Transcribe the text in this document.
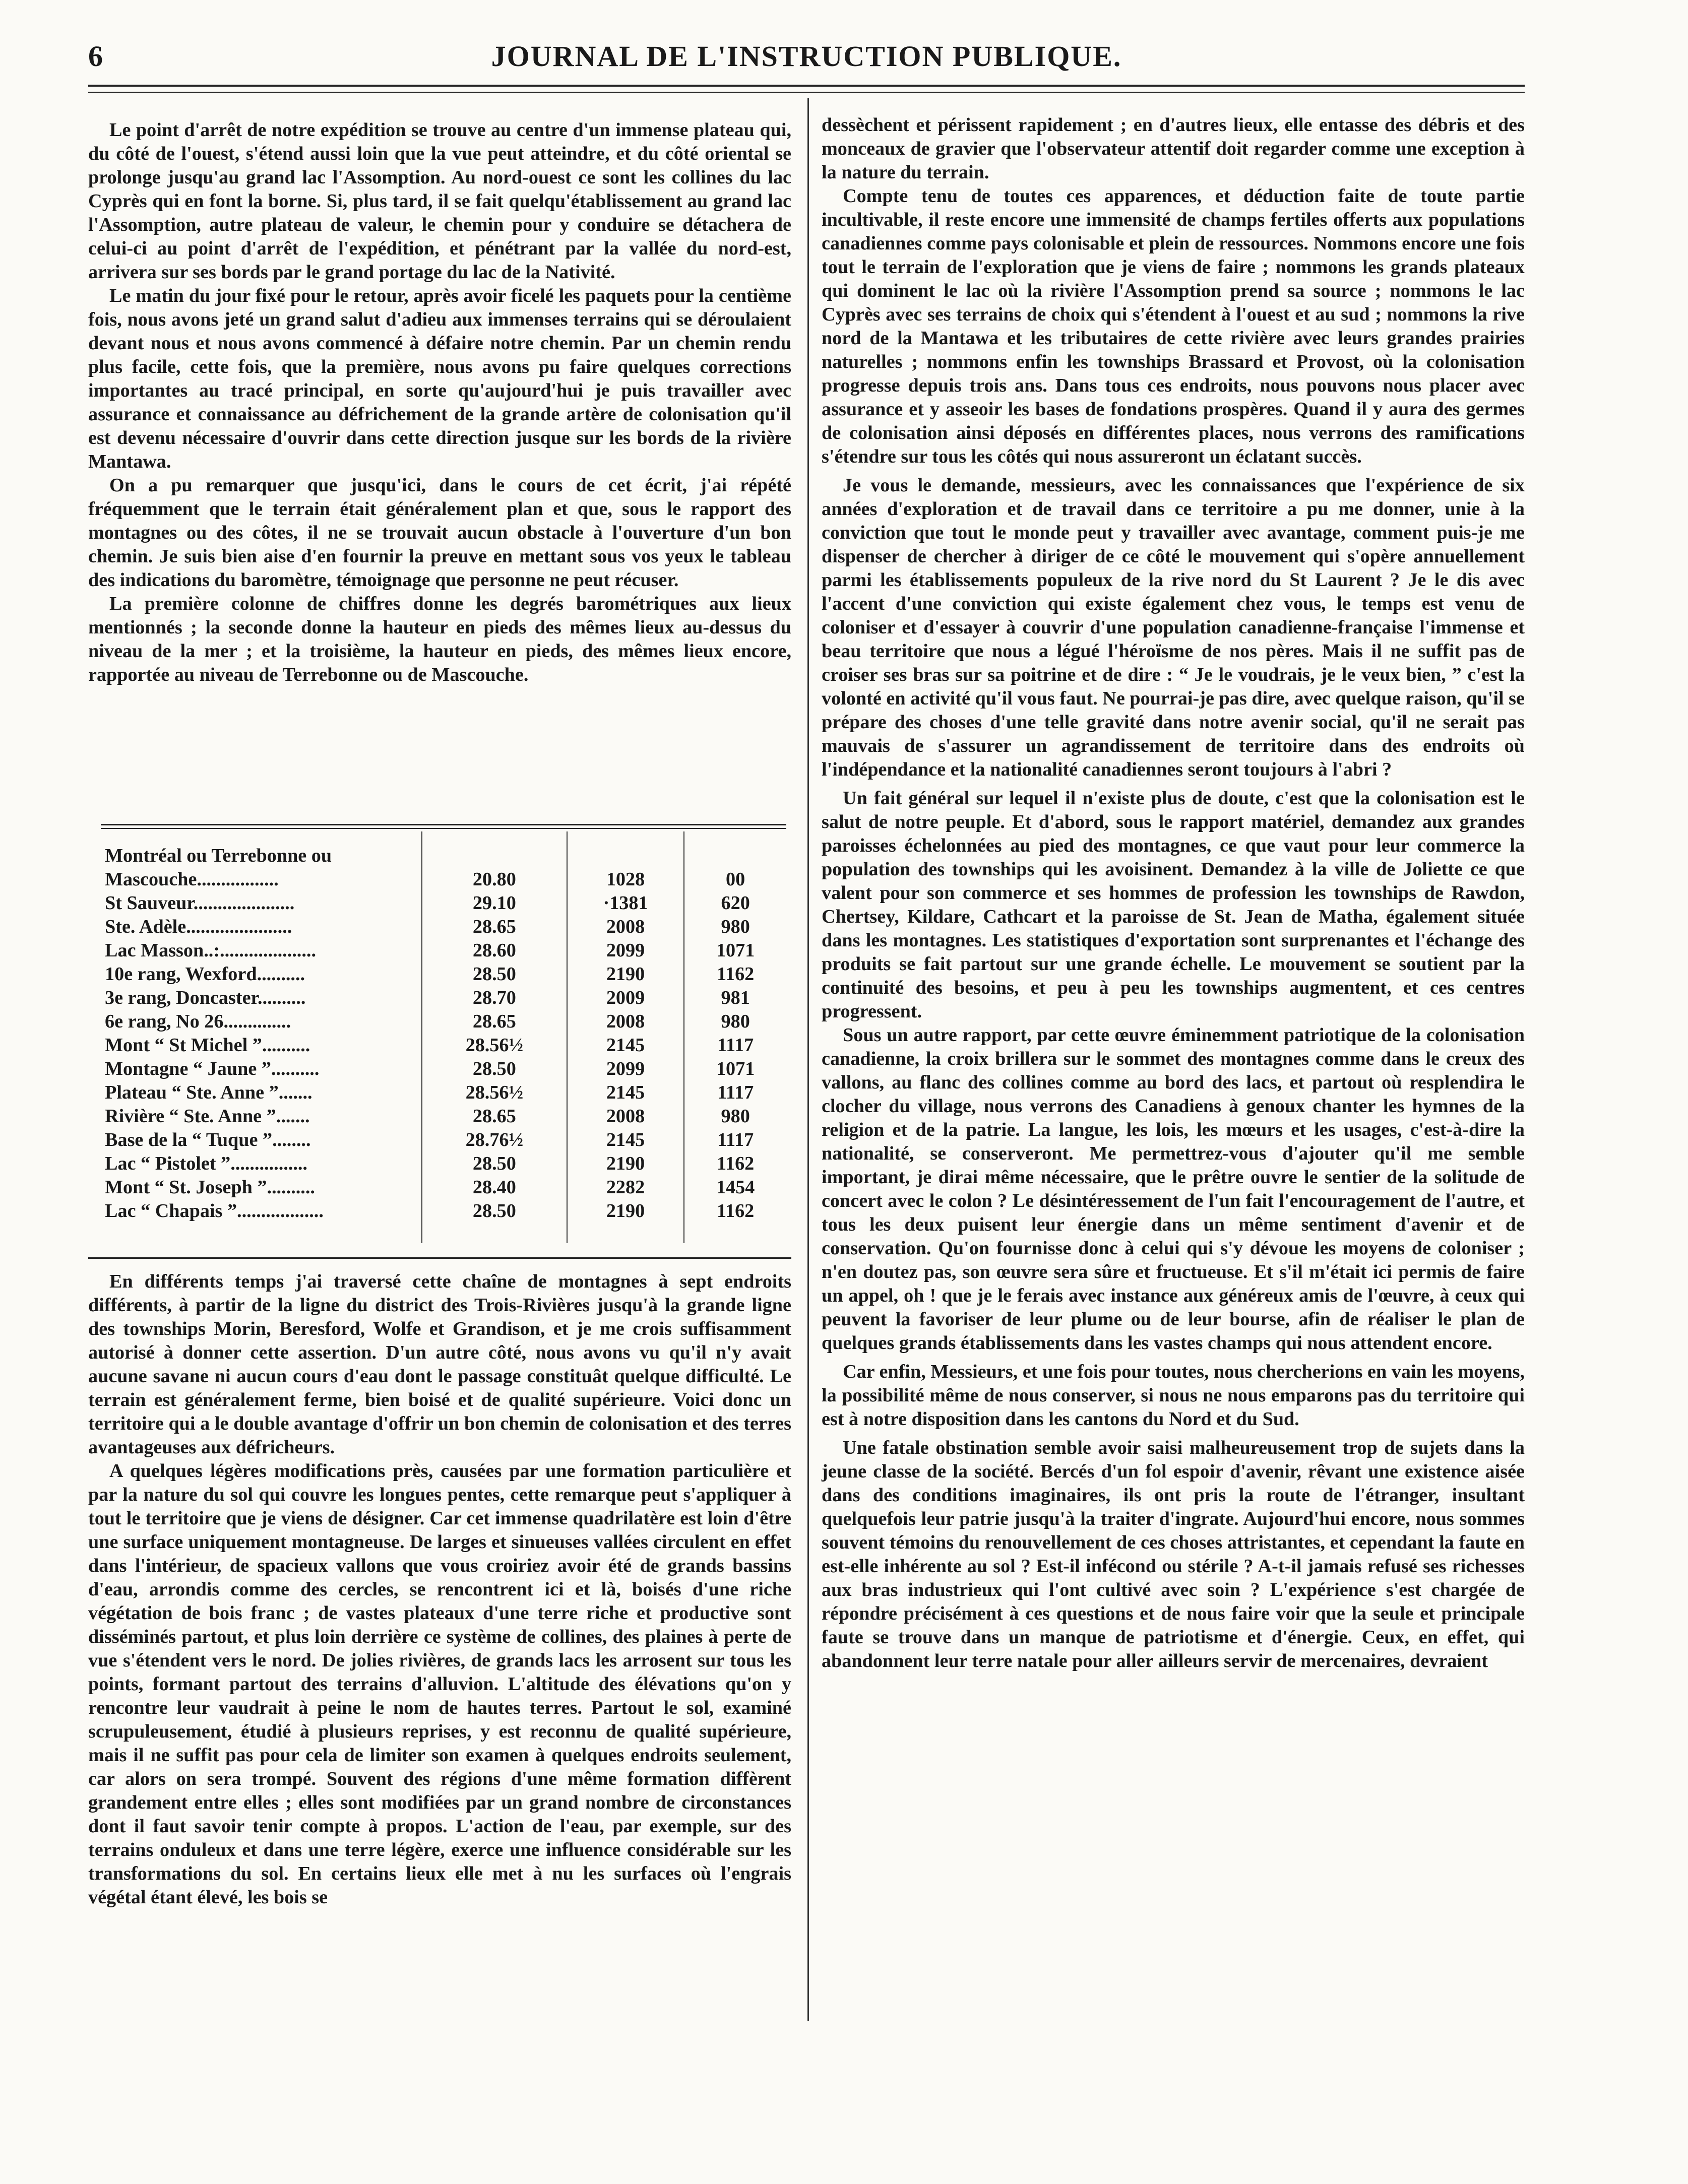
6	JOURNAL DE L'INSTRUCTION PUBLIQUE.

Le point d'arrêt de notre expédition se trouve au centre d'un immense plateau qui, du côté de l'ouest, s'étend aussi loin que la vue peut atteindre, et du côté oriental se prolonge jusqu'au grand lac l'Assomption. Au nord-ouest ce sont les collines du lac Cyprès qui en font la borne. Si, plus tard, il se fait quelqu'établissement au grand lac l'Assomption, autre plateau de valeur, le chemin pour y conduire se détachera de celui-ci au point d'arrêt de l'expédition, et pénétrant par la vallée du nord-est, arrivera sur ses bords par le grand portage du lac de la Nativité.

Le matin du jour fixé pour le retour, après avoir ficelé les paquets pour la centième fois, nous avons jeté un grand salut d'adieu aux immenses terrains qui se déroulaient devant nous et nous avons commencé à défaire notre chemin. Par un chemin rendu plus facile, cette fois, que la première, nous avons pu faire quelques corrections importantes au tracé principal, en sorte qu'aujourd'hui je puis travailler avec assurance et connaissance au défrichement de la grande artère de colonisation qu'il est devenu nécessaire d'ouvrir dans cette direction jusque sur les bords de la rivière Mantawa.

On a pu remarquer que jusqu'ici, dans le cours de cet écrit, j'ai répété fréquemment que le terrain était généralement plan et que, sous le rapport des montagnes ou des côtes, il ne se trouvait aucun obstacle à l'ouverture d'un bon chemin. Je suis bien aise d'en fournir la preuve en mettant sous vos yeux le tableau des indications du baromètre, témoignage que personne ne peut récuser.

La première colonne de chiffres donne les degrés barométriques aux lieux mentionnés ; la seconde donne la hauteur en pieds des mêmes lieux au-dessus du niveau de la mer ; et la troisième, la hauteur en pieds, des mêmes lieux encore, rapportée au niveau de Terrebonne ou de Mascouche.

Montréal ou Terrebonne ou			
Mascouche.................	20.80	1028	00
St Sauveur.....................	29.10	·1381	620
Ste. Adèle......................	28.65	2008	980
Lac Masson..:....................	28.60	2099	1071
10e rang, Wexford..........	28.50	2190	1162
3e rang, Doncaster..........	28.70	2009	981
6e rang, No 26..............	28.65	2008	980
Mont “ St Michel ”..........	28.56½	2145	1117
Montagne “ Jaune ”..........	28.50	2099	1071
Plateau “ Ste. Anne ”.......	28.56½	2145	1117
Rivière “ Ste. Anne ”.......	28.65	2008	980
Base de la “ Tuque ”........	28.76½	2145	1117
Lac “ Pistolet ”................	28.50	2190	1162
Mont “ St. Joseph ”..........	28.40	2282	1454
Lac “ Chapais ”..................	28.50	2190	1162

En différents temps j'ai traversé cette chaîne de montagnes à sept endroits différents, à partir de la ligne du district des Trois-Rivières jusqu'à la grande ligne des townships Morin, Beresford, Wolfe et Grandison, et je me crois suffisamment autorisé à donner cette assertion. D'un autre côté, nous avons vu qu'il n'y avait aucune savane ni aucun cours d'eau dont le passage constituât quelque difficulté. Le terrain est généralement ferme, bien boisé et de qualité supérieure. Voici donc un territoire qui a le double avantage d'offrir un bon chemin de colonisation et des terres avantageuses aux défricheurs.

A quelques légères modifications près, causées par une formation particulière et par la nature du sol qui couvre les longues pentes, cette remarque peut s'appliquer à tout le territoire que je viens de désigner. Car cet immense quadrilatère est loin d'être une surface uniquement montagneuse. De larges et sinueuses vallées circulent en effet dans l'intérieur, de spacieux vallons que vous croiriez avoir été de grands bassins d'eau, arrondis comme des cercles, se rencontrent ici et là, boisés d'une riche végétation de bois franc ; de vastes plateaux d'une terre riche et productive sont disséminés partout, et plus loin derrière ce système de collines, des plaines à perte de vue s'étendent vers le nord. De jolies rivières, de grands lacs les arrosent sur tous les points, formant partout des terrains d'alluvion. L'altitude des élévations qu'on y rencontre leur vaudrait à peine le nom de hautes terres. Partout le sol, examiné scrupuleusement, étudié à plusieurs reprises, y est reconnu de qualité supérieure, mais il ne suffit pas pour cela de limiter son examen à quelques endroits seulement, car alors on sera trompé. Souvent des régions d'une même formation diffèrent grandement entre elles ; elles sont modifiées par un grand nombre de circonstances dont il faut savoir tenir compte à propos. L'action de l'eau, par exemple, sur des terrains onduleux et dans une terre légère, exerce une influence considérable sur les transformations du sol. En certains lieux elle met à nu les surfaces où l'engrais végétal étant élevé, les bois se

dessèchent et périssent rapidement ; en d'autres lieux, elle entasse des débris et des monceaux de gravier que l'observateur attentif doit regarder comme une exception à la nature du terrain.

Compte tenu de toutes ces apparences, et déduction faite de toute partie incultivable, il reste encore une immensité de champs fertiles offerts aux populations canadiennes comme pays colonisable et plein de ressources. Nommons encore une fois tout le terrain de l'exploration que je viens de faire ; nommons les grands plateaux qui dominent le lac où la rivière l'Assomption prend sa source ; nommons le lac Cyprès avec ses terrains de choix qui s'étendent à l'ouest et au sud ; nommons la rive nord de la Mantawa et les tributaires de cette rivière avec leurs grandes prairies naturelles ; nommons enfin les townships Brassard et Provost, où la colonisation progresse depuis trois ans. Dans tous ces endroits, nous pouvons nous placer avec assurance et y asseoir les bases de fondations prospères. Quand il y aura des germes de colonisation ainsi déposés en différentes places, nous verrons des ramifications s'étendre sur tous les côtés qui nous assureront un éclatant succès.

Je vous le demande, messieurs, avec les connaissances que l'expérience de six années d'exploration et de travail dans ce territoire a pu me donner, unie à la conviction que tout le monde peut y travailler avec avantage, comment puis-je me dispenser de chercher à diriger de ce côté le mouvement qui s'opère annuellement parmi les établissements populeux de la rive nord du St Laurent ? Je le dis avec l'accent d'une conviction qui existe également chez vous, le temps est venu de coloniser et d'essayer à couvrir d'une population canadienne-française l'immense et beau territoire que nous a légué l'héroïsme de nos pères. Mais il ne suffit pas de croiser ses bras sur sa poitrine et de dire : “ Je le voudrais, je le veux bien, ” c'est la volonté en activité qu'il vous faut. Ne pourrai-je pas dire, avec quelque raison, qu'il se prépare des choses d'une telle gravité dans notre avenir social, qu'il ne serait pas mauvais de s'assurer un agrandissement de territoire dans des endroits où l'indépendance et la nationalité canadiennes seront toujours à l'abri ?

Un fait général sur lequel il n'existe plus de doute, c'est que la colonisation est le salut de notre peuple. Et d'abord, sous le rapport matériel, demandez aux grandes paroisses échelonnées au pied des montagnes, ce que vaut pour leur commerce la population des townships qui les avoisinent. Demandez à la ville de Joliette ce que valent pour son commerce et ses hommes de profession les townships de Rawdon, Chertsey, Kildare, Cathcart et la paroisse de St. Jean de Matha, également située dans les montagnes. Les statistiques d'exportation sont surprenantes et l'échange des produits se fait partout sur une grande échelle. Le mouvement se soutient par la continuité des besoins, et peu à peu les townships augmentent, et ces centres progressent.

Sous un autre rapport, par cette œuvre éminemment patriotique de la colonisation canadienne, la croix brillera sur le sommet des montagnes comme dans le creux des vallons, au flanc des collines comme au bord des lacs, et partout où resplendira le clocher du village, nous verrons des Canadiens à genoux chanter les hymnes de la religion et de la patrie. La langue, les lois, les mœurs et les usages, c'est-à-dire la nationalité, se conserveront. Me permettrez-vous d'ajouter qu'il me semble important, je dirai même nécessaire, que le prêtre ouvre le sentier de la solitude de concert avec le colon ? Le désintéressement de l'un fait l'encouragement de l'autre, et tous les deux puisent leur énergie dans un même sentiment d'avenir et de conservation. Qu'on fournisse donc à celui qui s'y dévoue les moyens de coloniser ; n'en doutez pas, son œuvre sera sûre et fructueuse. Et s'il m'était ici permis de faire un appel, oh ! que je le ferais avec instance aux généreux amis de l'œuvre, à ceux qui peuvent la favoriser de leur plume ou de leur bourse, afin de réaliser le plan de quelques grands établissements dans les vastes champs qui nous attendent encore.

Car enfin, Messieurs, et une fois pour toutes, nous chercherions en vain les moyens, la possibilité même de nous conserver, si nous ne nous emparons pas du territoire qui est à notre disposition dans les cantons du Nord et du Sud.

Une fatale obstination semble avoir saisi malheureusement trop de sujets dans la jeune classe de la société. Bercés d'un fol espoir d'avenir, rêvant une existence aisée dans des conditions imaginaires, ils ont pris la route de l'étranger, insultant quelquefois leur patrie jusqu'à la traiter d'ingrate. Aujourd'hui encore, nous sommes souvent témoins du renouvellement de ces choses attristantes, et cependant la faute en est-elle inhérente au sol ? Est-il infécond ou stérile ? A-t-il jamais refusé ses richesses aux bras industrieux qui l'ont cultivé avec soin ? L'expérience s'est chargée de répondre précisément à ces questions et de nous faire voir que la seule et principale faute se trouve dans un manque de patriotisme et d'énergie. Ceux, en effet, qui abandonnent leur terre natale pour aller ailleurs servir de mercenaires, devraient
